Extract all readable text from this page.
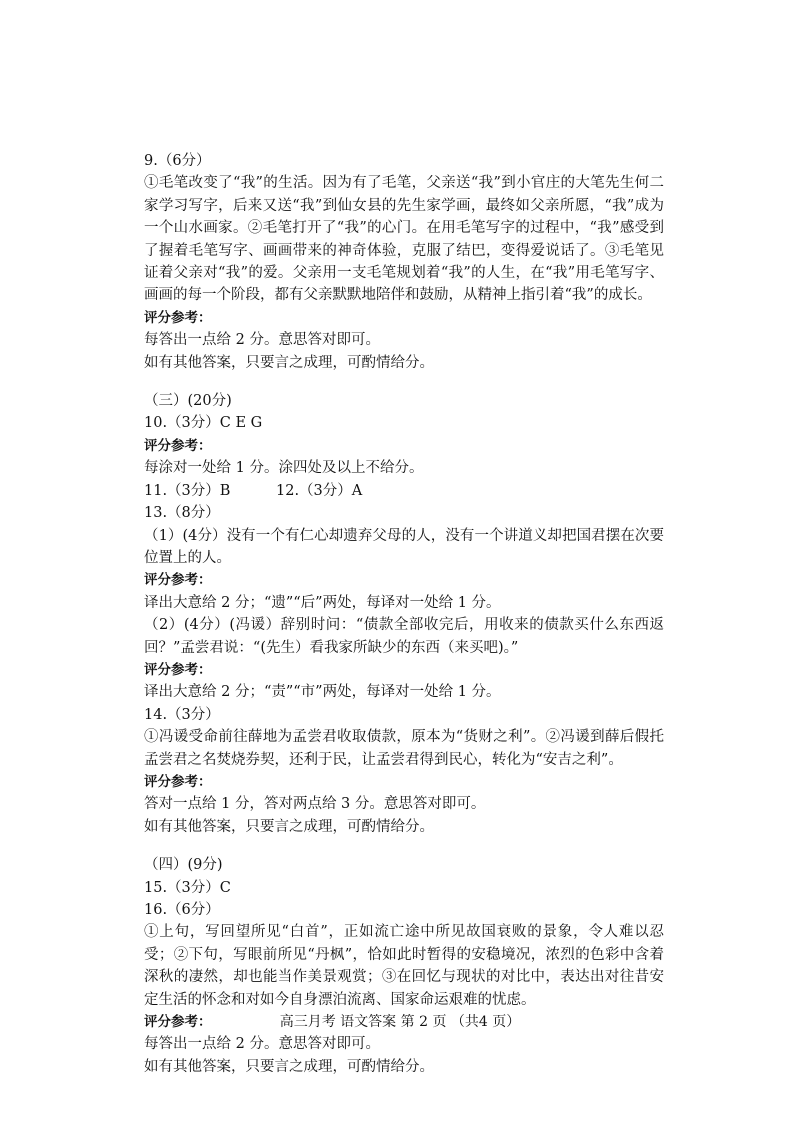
9.（6分）

①毛笔改变了“我”的生活。因为有了毛笔，父亲送“我”到小官庄的大笔先生何二家学习写字，后来又送“我”到仙女县的先生家学画，最终如父亲所愿，“我”成为一个山水画家。②毛笔打开了“我”的心门。在用毛笔写字的过程中，“我”感受到了握着毛笔写字、画画带来的神奇体验，克服了结巴，变得爱说话了。③毛笔见证着父亲对“我”的爱。父亲用一支毛笔规划着“我”的人生，在“我”用毛笔写字、画画的每一个阶段，都有父亲默默地陪伴和鼓励，从精神上指引着“我”的成长。

评分参考：

每答出一点给 2 分。意思答对即可。

如有其他答案，只要言之成理，可酌情给分。

（三）(20分)

10.（3分）C E G

评分参考：

每涂对一处给 1 分。涂四处及以上不给分。

11.（3分）B	12.（3分）A

13.（8分）

（1）(4分）没有一个有仁心却遗弃父母的人，没有一个讲道义却把国君摆在次要位置上的人。

评分参考：

译出大意给 2 分；“遗”“后”两处，每译对一处给 1 分。

（2）(4分）(冯谖）辞别时问：“债款全部收完后，用收来的债款买什么东西返回？”孟尝君说：“(先生）看我家所缺少的东西（来买吧)。”

评分参考：

译出大意给 2 分；“责”“市”两处，每译对一处给 1 分。

14.（3分）

①冯谖受命前往薛地为孟尝君收取债款，原本为“货财之利”。②冯谖到薛后假托孟尝君之名焚烧券契，还利于民，让孟尝君得到民心，转化为“安吉之利”。

评分参考：

答对一点给 1 分，答对两点给 3 分。意思答对即可。

如有其他答案，只要言之成理，可酌情给分。

（四）(9分)

15.（3分）C

16.（6分）

①上句，写回望所见“白首”，正如流亡途中所见故国衰败的景象，令人难以忍受；②下句，写眼前所见“丹枫”，恰如此时暂得的安稳境况，浓烈的色彩中含着深秋的凄然，却也能当作美景观赏；③在回忆与现状的对比中，表达出对往昔安定生活的怀念和对如今自身漂泊流离、国家命运艰难的忧虑。

评分参考：

每答出一点给 2 分。意思答对即可。

如有其他答案，只要言之成理，可酌情给分。

高三月考 语文答案 第 2 页 （共4 页）
